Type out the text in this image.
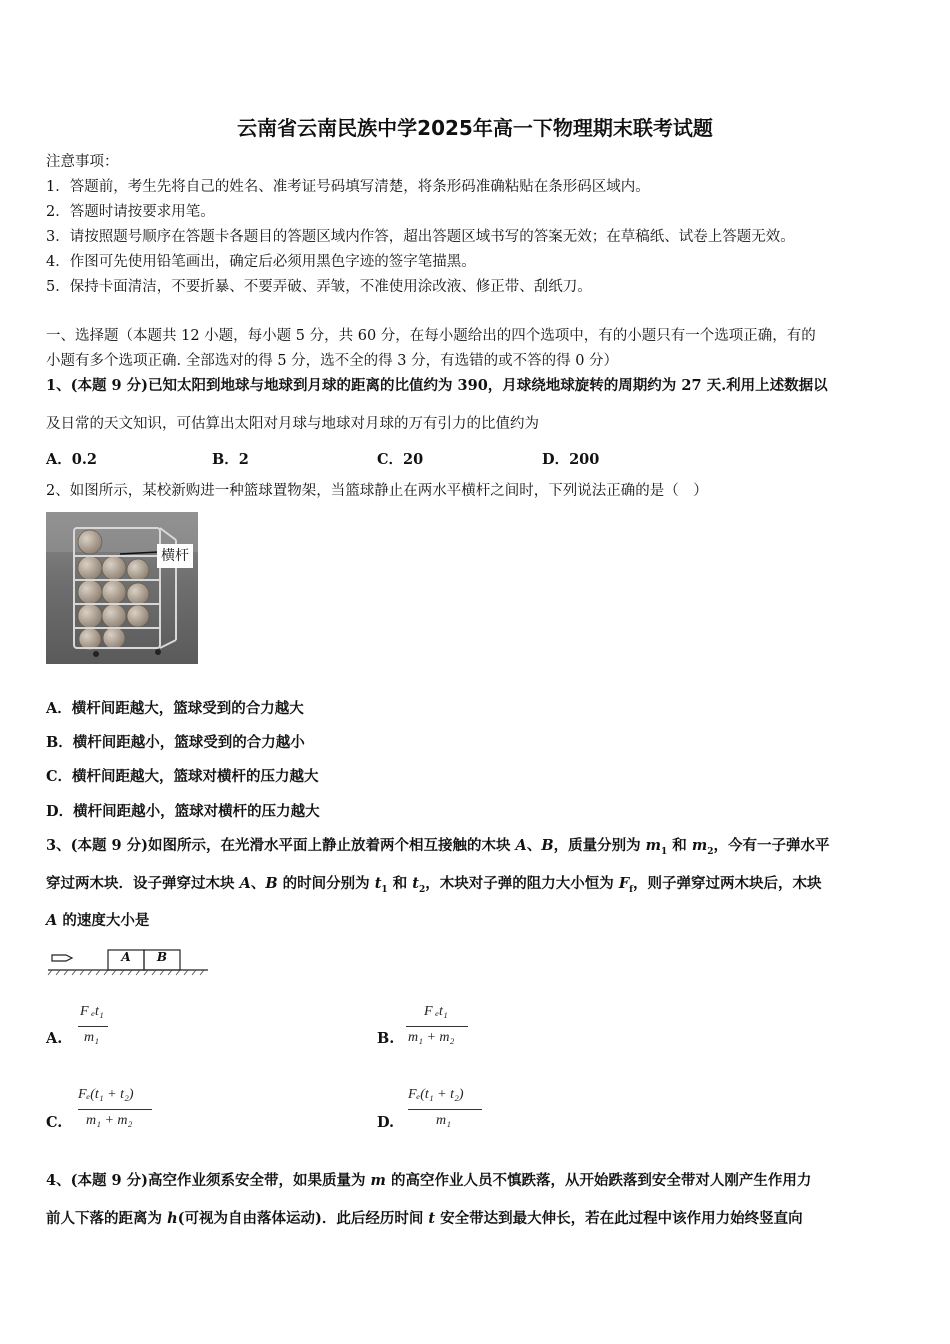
云南省云南民族中学2025年高一下物理期末联考试题
注意事项：
1．答题前，考生先将自己的姓名、准考证号码填写清楚，将条形码准确粘贴在条形码区域内。
2．答题时请按要求用笔。
3．请按照题号顺序在答题卡各题目的答题区域内作答，超出答题区域书写的答案无效；在草稿纸、试卷上答题无效。
4．作图可先使用铅笔画出，确定后必须用黑色字迹的签字笔描黑。
5．保持卡面清洁，不要折暴、不要弄破、弄皱，不准使用涂改液、修正带、刮纸刀。
一、选择题（本题共 12 小题，每小题 5 分，共 60 分，在每小题给出的四个选项中，有的小题只有一个选项正确，有的
小题有多个选项正确. 全部选对的得 5 分，选不全的得 3 分，有选错的或不答的得 0 分）
1、(本题 9 分)已知太阳到地球与地球到月球的距离的比值约为 390，月球绕地球旋转的周期约为 27 天.利用上述数据以
及日常的天文知识，可估算出太阳对月球与地球对月球的万有引力的比值约为
A．0.2	B．2	C．20	D．200
2、如图所示，某校新购进一种篮球置物架，当篮球静止在两水平横杆之间时，下列说法正确的是（　）
横杆
A．横杆间距越大，篮球受到的合力越大
B．横杆间距越小，篮球受到的合力越小
C．横杆间距越大，篮球对横杆的压力越大
D．横杆间距越小，篮球对横杆的压力越大
3、(本题 9 分)如图所示，在光滑水平面上静止放着两个相互接触的木块 A、B，质量分别为 $m_1$ 和 $m_2$，今有一子弹水平
穿过两木块．设子弹穿过木块 A、B 的时间分别为 $t_1$ 和 $t_2$，木块对子弹的阻力大小恒为 $F_f$，则子弹穿过两木块后，木块
A 的速度大小是
A	B
A.
F ₑt₁
m₁	B.
F ₑt₁
m₁ + m₂
C.
Fₑ(t₁ + t₂)
m₁ + m₂	D.
Fₑ(t₁ + t₂)
m₁
4、(本题 9 分)高空作业须系安全带，如果质量为 m 的高空作业人员不慎跌落，从开始跌落到安全带对人刚产生作用力
前人下落的距离为 h(可视为自由落体运动)．此后经历时间 t 安全带达到最大伸长，若在此过程中该作用力始终竖直向
